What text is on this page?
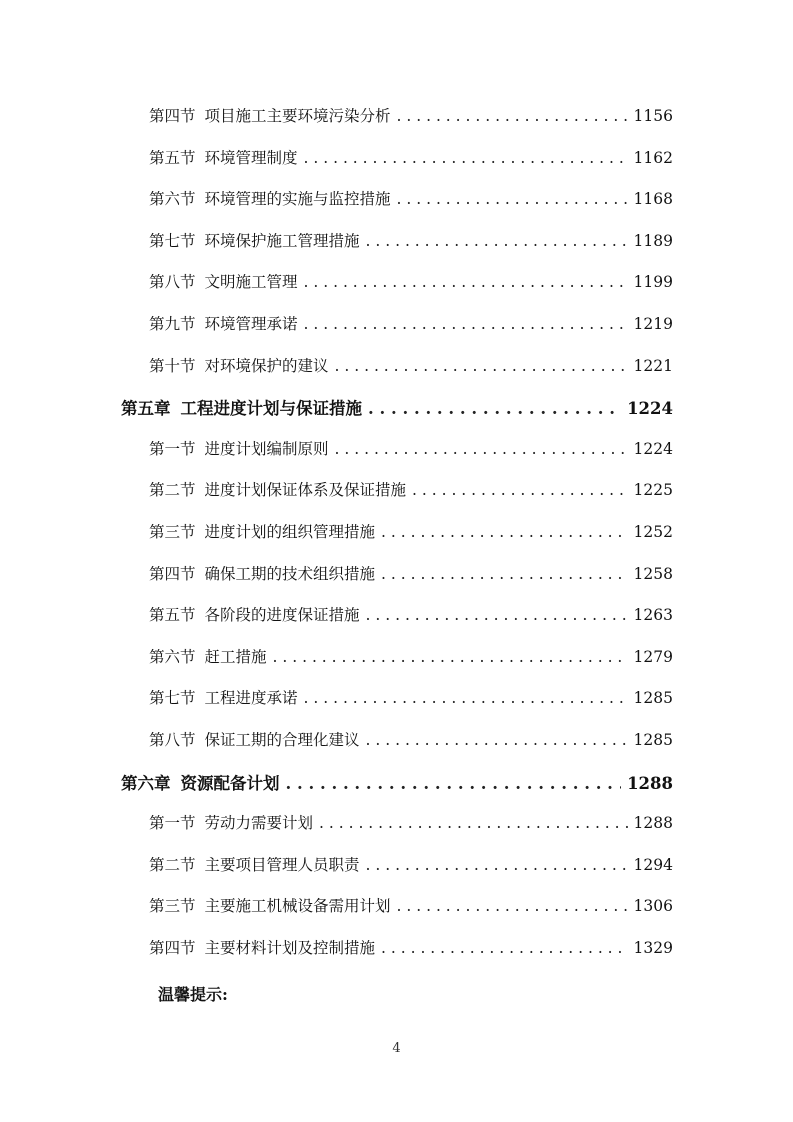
第四节 项目施工主要环境污染分析 . . .	1156
第五节 环境管理制度 . . .	1162
第六节 环境管理的实施与监控措施 . . .	1168
第七节 环境保护施工管理措施 . . .	1189
第八节 文明施工管理 . . .	1199
第九节 环境管理承诺 . . .	1219
第十节 对环境保护的建议 . . .	1221
第五章 工程进度计划与保证措施 . . .	1224
第一节 进度计划编制原则 . . .	1224
第二节 进度计划保证体系及保证措施 . . .	1225
第三节 进度计划的组织管理措施 . . .	1252
第四节 确保工期的技术组织措施 . . .	1258
第五节 各阶段的进度保证措施 . . .	1263
第六节 赶工措施 . . .	1279
第七节 工程进度承诺 . . .	1285
第八节 保证工期的合理化建议 . . .	1285
第六章 资源配备计划 . . .	1288
第一节 劳动力需要计划 . . .	1288
第二节 主要项目管理人员职责 . . .	1294
第三节 主要施工机械设备需用计划 . . .	1306
第四节 主要材料计划及控制措施 . . .	1329
温馨提示:
4
